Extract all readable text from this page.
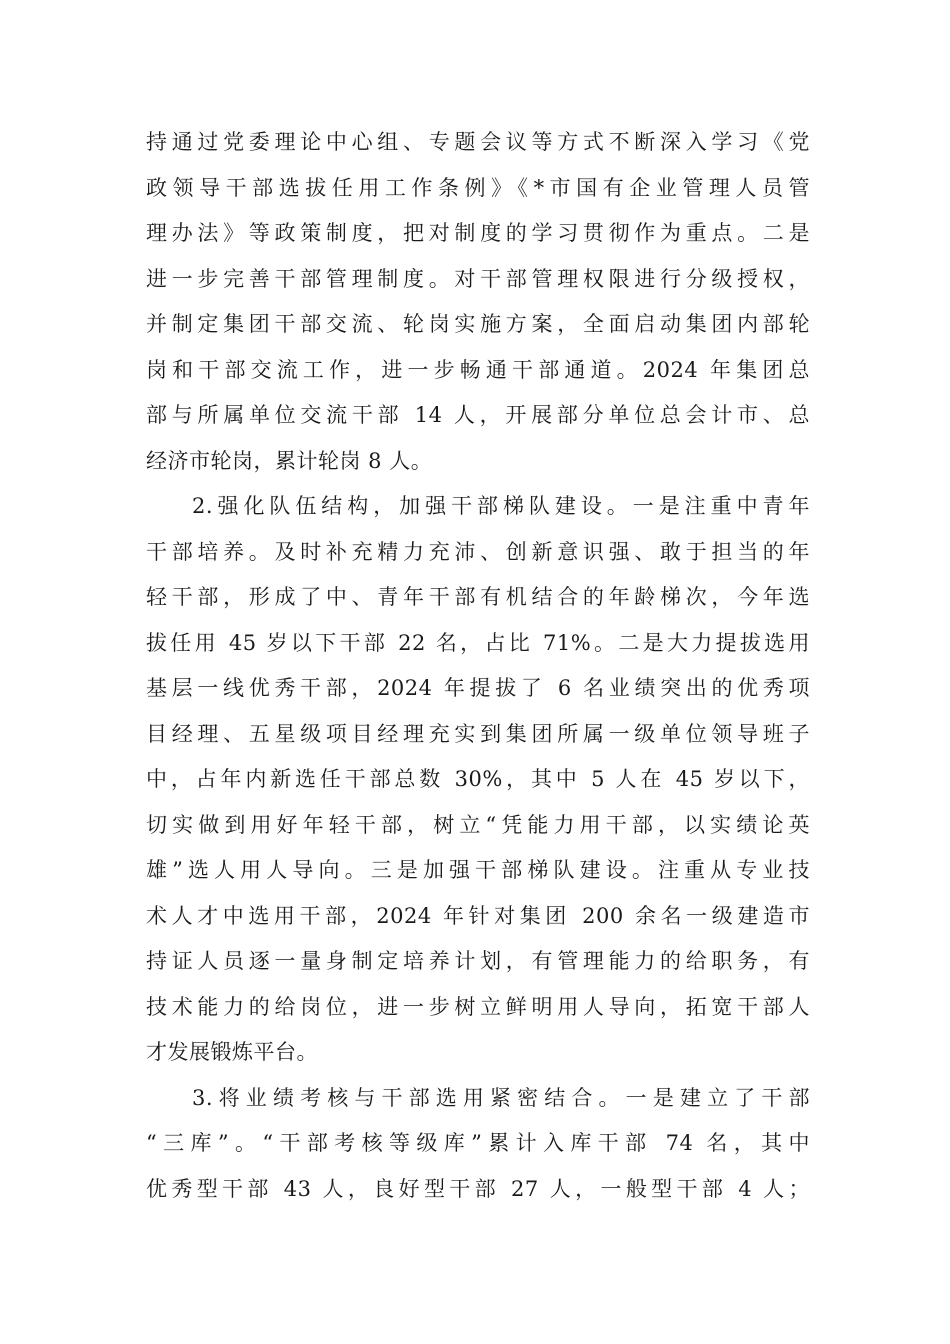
持通过党委理论中心组、专题会议等方式不断深入学习《党
政领导干部选拔任用工作条例》《*市国有企业管理人员管
理办法》等政策制度，把对制度的学习贯彻作为重点。二是
进一步完善干部管理制度。对干部管理权限进行分级授权，
并制定集团干部交流、轮岗实施方案，全面启动集团内部轮
岗和干部交流工作，进一步畅通干部通道。2024 年集团总
部与所属单位交流干部 14 人，开展部分单位总会计市、总
经济市轮岗，累计轮岗 8 人。
2.强化队伍结构，加强干部梯队建设。一是注重中青年
干部培养。及时补充精力充沛、创新意识强、敢于担当的年
轻干部，形成了中、青年干部有机结合的年龄梯次，今年选
拔任用 45 岁以下干部 22 名，占比 71%。二是大力提拔选用
基层一线优秀干部，2024 年提拔了 6 名业绩突出的优秀项
目经理、五星级项目经理充实到集团所属一级单位领导班子
中，占年内新选任干部总数 30%，其中 5 人在 45 岁以下，
切实做到用好年轻干部，树立“凭能力用干部，以实绩论英
雄”选人用人导向。三是加强干部梯队建设。注重从专业技
术人才中选用干部，2024 年针对集团 200 余名一级建造市
持证人员逐一量身制定培养计划，有管理能力的给职务，有
技术能力的给岗位，进一步树立鲜明用人导向，拓宽干部人
才发展锻炼平台。
3.将业绩考核与干部选用紧密结合。一是建立了干部
“三库”。“干部考核等级库”累计入库干部 74 名，其中
优秀型干部 43 人，良好型干部 27 人，一般型干部 4 人；
